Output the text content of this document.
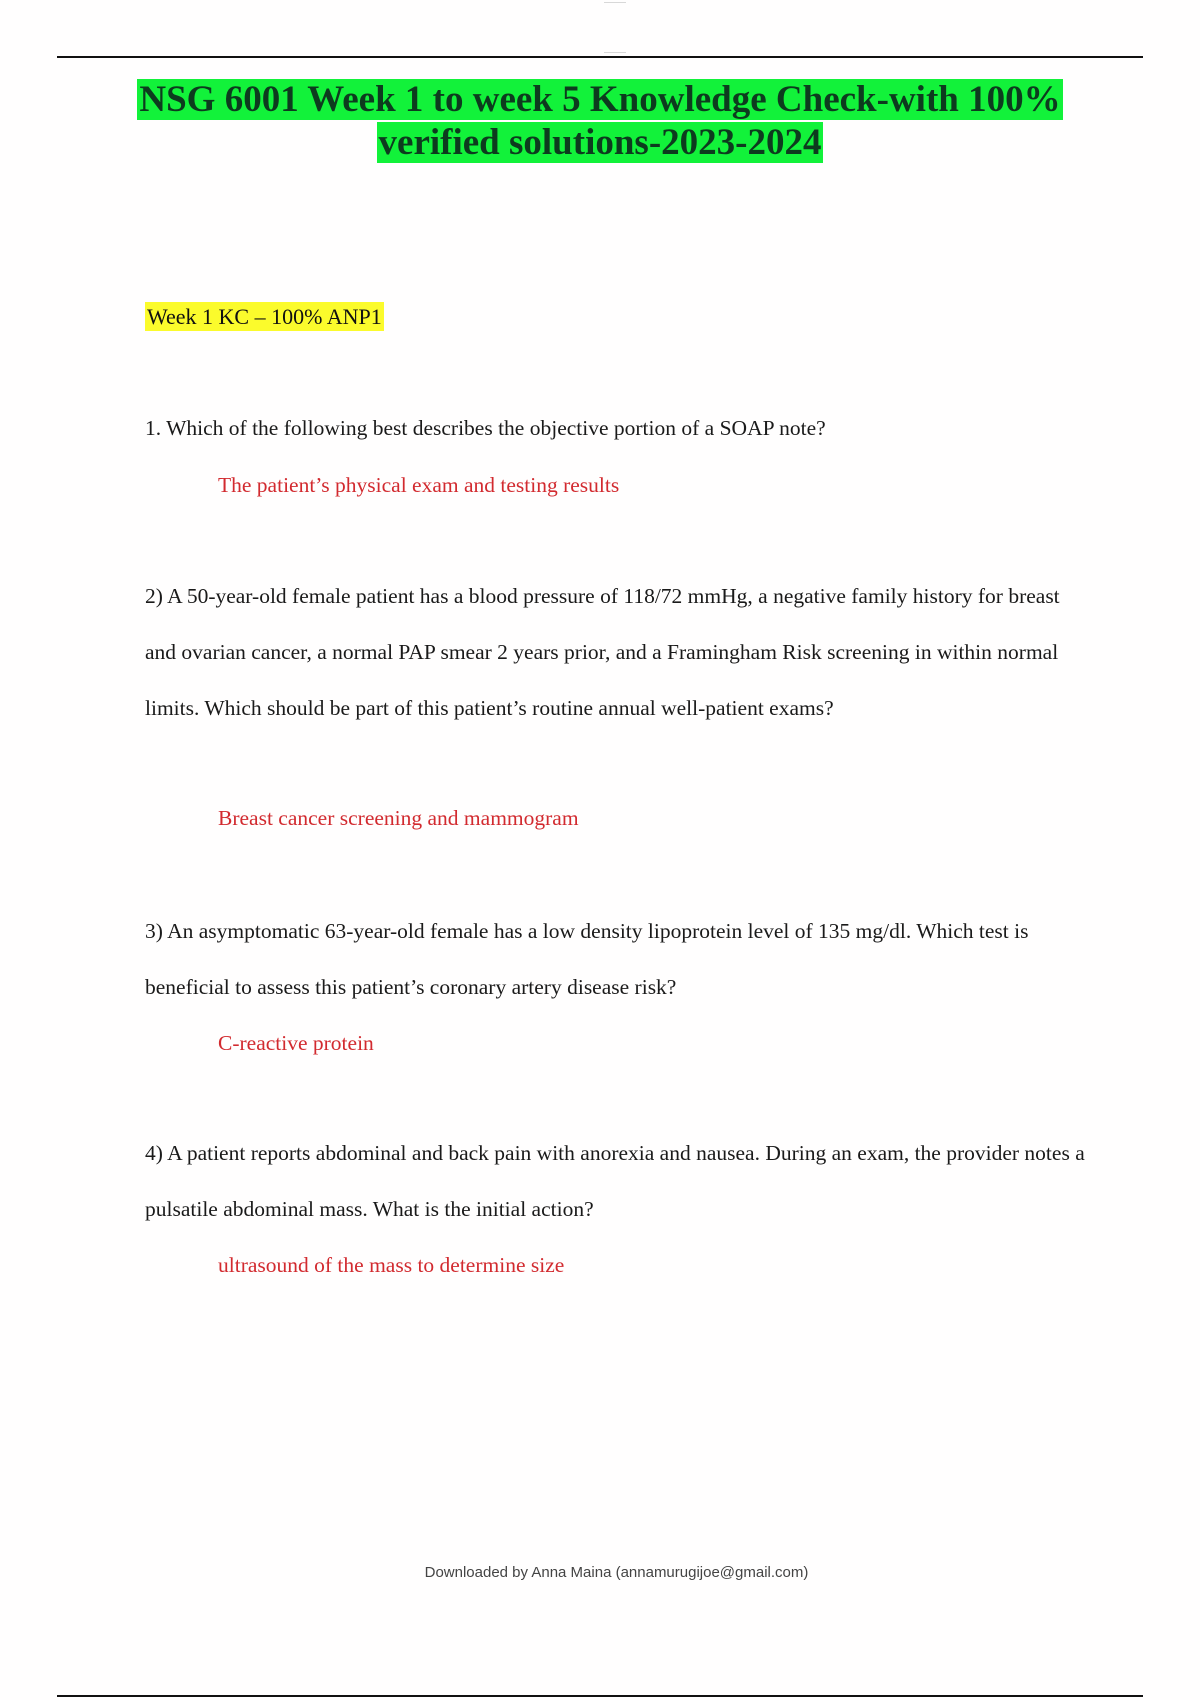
NSG 6001 Week 1 to week 5 Knowledge Check-with 100%
verified solutions-2023-2024
Week 1 KC – 100% ANP1
1. Which of the following best describes the objective portion of a SOAP note?
The patient’s physical exam and testing results
2) A 50-year-old female patient has a blood pressure of 118/72 mmHg, a negative family history for breast and ovarian cancer, a normal PAP smear 2 years prior, and a Framingham Risk screening in within normal limits. Which should be part of this patient’s routine annual well-patient exams?
Breast cancer screening and mammogram
3) An asymptomatic 63-year-old female has a low density lipoprotein level of 135 mg/dl. Which test is beneficial to assess this patient’s coronary artery disease risk?
C-reactive protein
4) A patient reports abdominal and back pain with anorexia and nausea. During an exam, the provider notes a pulsatile abdominal mass. What is the initial action?
ultrasound of the mass to determine size
Downloaded by Anna Maina (annamurugijoe@gmail.com)
